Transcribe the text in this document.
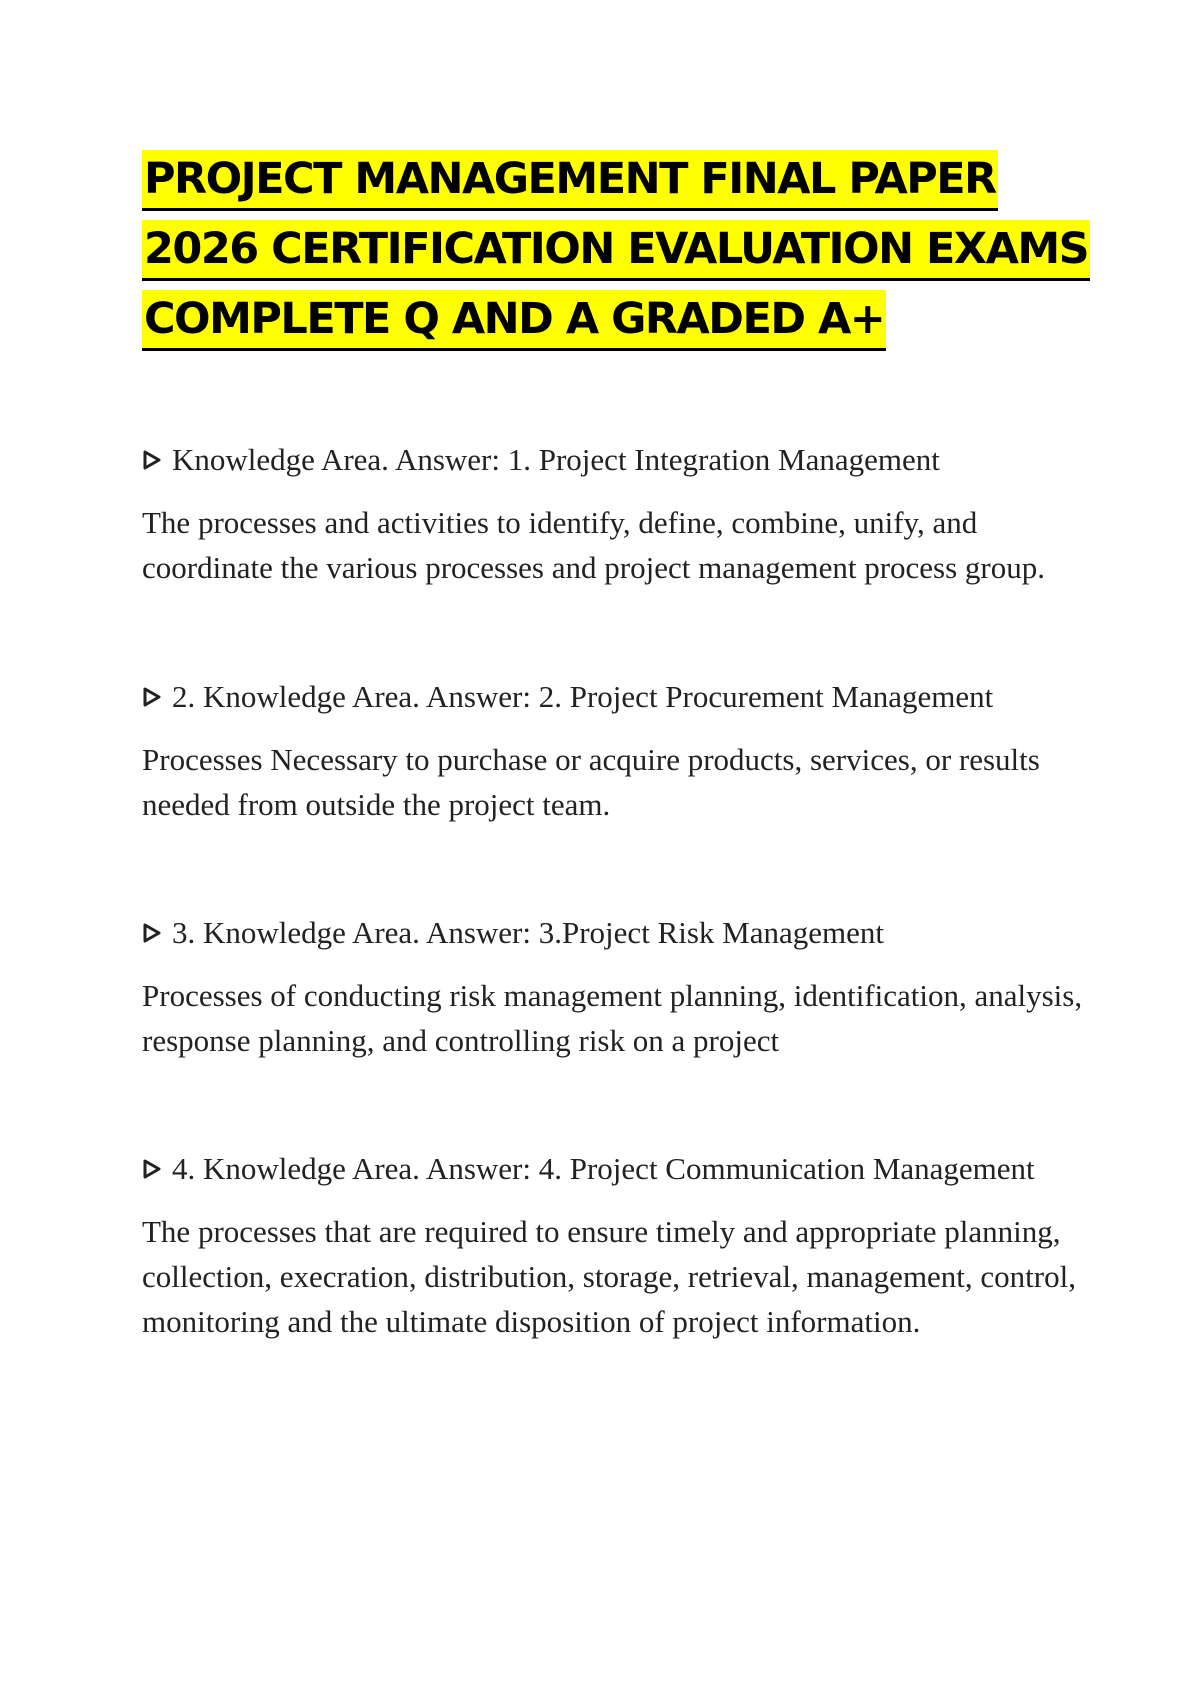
PROJECT MANAGEMENT FINAL PAPER
2026 CERTIFICATION EVALUATION EXAMS
COMPLETE Q AND A GRADED A+

Knowledge Area. Answer: 1. Project Integration Management

The processes and activities to identify, define, combine, unify, and coordinate the various processes and project management process group.

2. Knowledge Area. Answer: 2. Project Procurement Management

Processes Necessary to purchase or acquire products, services, or results needed from outside the project team.

3. Knowledge Area. Answer: 3.Project Risk Management

Processes of conducting risk management planning, identification, analysis, response planning, and controlling risk on a project

4. Knowledge Area. Answer: 4. Project Communication Management

The processes that are required to ensure timely and appropriate planning, collection, execration, distribution, storage, retrieval, management, control, monitoring and the ultimate disposition of project information.
